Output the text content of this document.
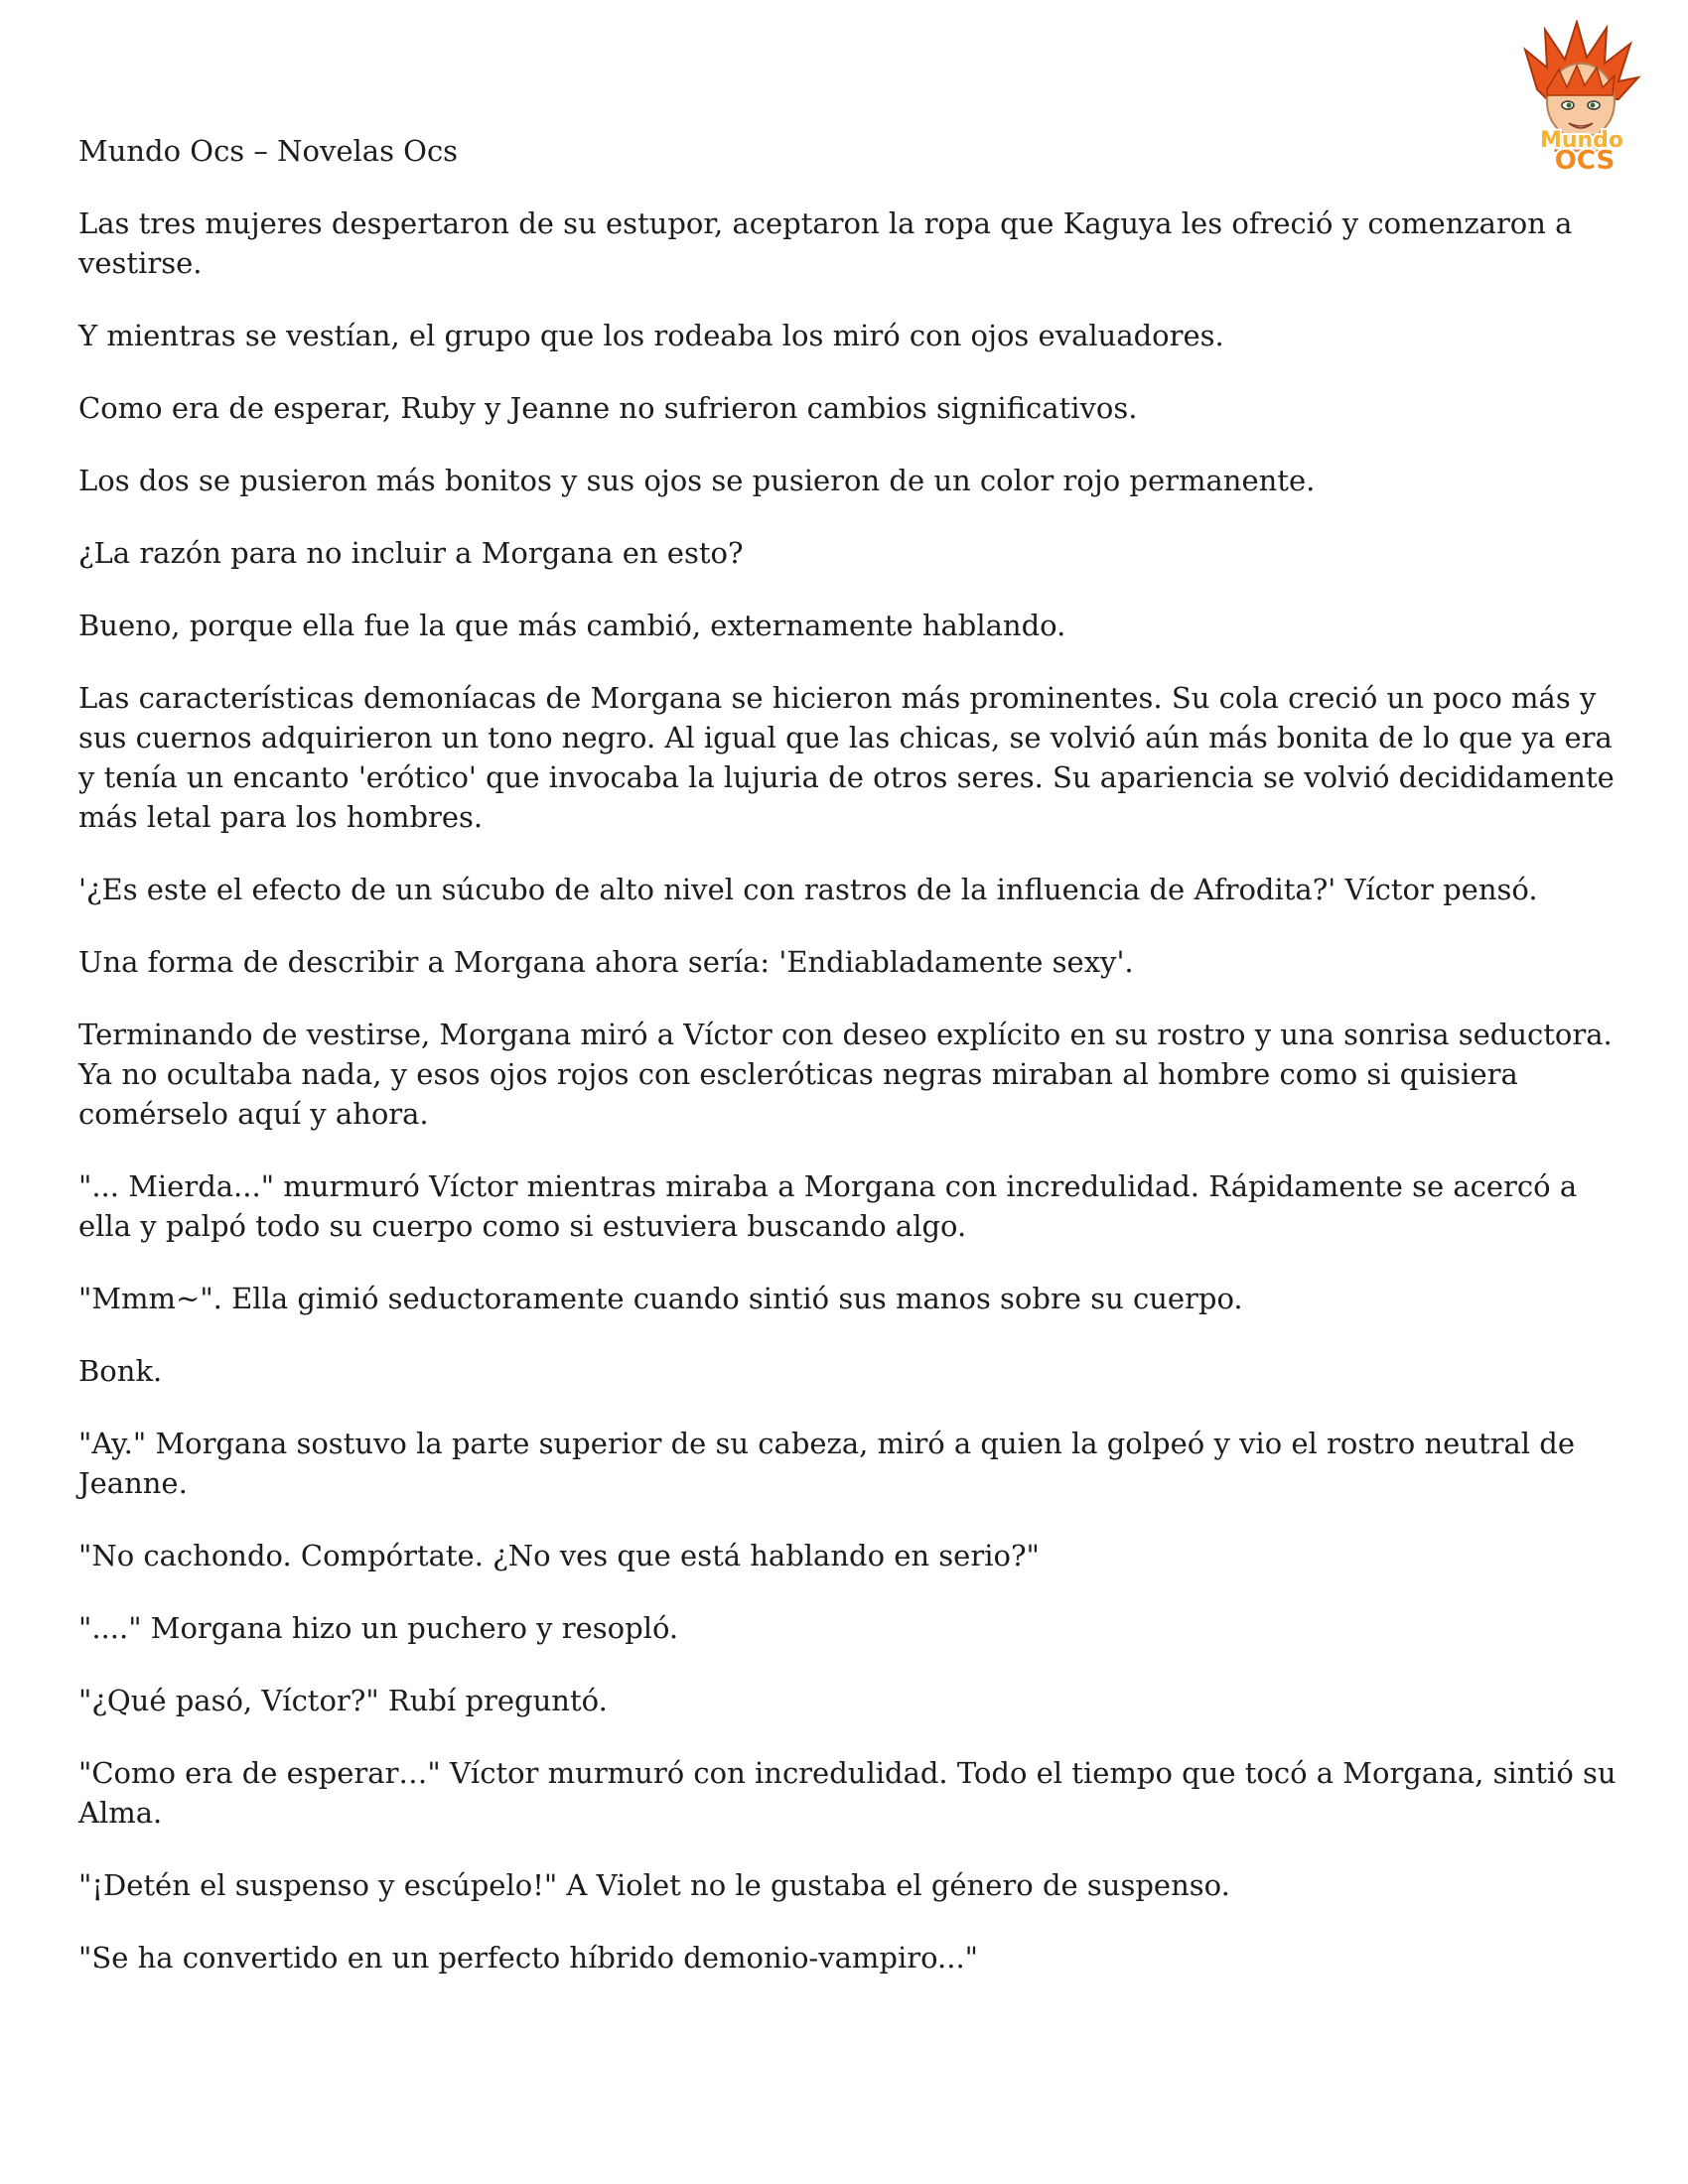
Mundo
OCS
Mundo Ocs – Novelas Ocs

Las tres mujeres despertaron de su estupor, aceptaron la ropa que Kaguya les ofreció y comenzaron a vestirse.

Y mientras se vestían, el grupo que los rodeaba los miró con ojos evaluadores.

Como era de esperar, Ruby y Jeanne no sufrieron cambios significativos.

Los dos se pusieron más bonitos y sus ojos se pusieron de un color rojo permanente.

¿La razón para no incluir a Morgana en esto?

Bueno, porque ella fue la que más cambió, externamente hablando.

Las características demoníacas de Morgana se hicieron más prominentes. Su cola creció un poco más y sus cuernos adquirieron un tono negro. Al igual que las chicas, se volvió aún más bonita de lo que ya era y tenía un encanto 'erótico' que invocaba la lujuria de otros seres. Su apariencia se volvió decididamente más letal para los hombres.

'¿Es este el efecto de un súcubo de alto nivel con rastros de la influencia de Afrodita?' Víctor pensó.

Una forma de describir a Morgana ahora sería: 'Endiabladamente sexy'.

Terminando de vestirse, Morgana miró a Víctor con deseo explícito en su rostro y una sonrisa seductora. Ya no ocultaba nada, y esos ojos rojos con escleróticas negras miraban al hombre como si quisiera comérselo aquí y ahora.

"... Mierda..." murmuró Víctor mientras miraba a Morgana con incredulidad. Rápidamente se acercó a ella y palpó todo su cuerpo como si estuviera buscando algo.

"Mmm~". Ella gimió seductoramente cuando sintió sus manos sobre su cuerpo.

Bonk.

"Ay." Morgana sostuvo la parte superior de su cabeza, miró a quien la golpeó y vio el rostro neutral de Jeanne.

"No cachondo. Compórtate. ¿No ves que está hablando en serio?"

"...." Morgana hizo un puchero y resopló.

"¿Qué pasó, Víctor?" Rubí preguntó.

"Como era de esperar…" Víctor murmuró con incredulidad. Todo el tiempo que tocó a Morgana, sintió su Alma.

"¡Detén el suspenso y escúpelo!" A Violet no le gustaba el género de suspenso.

"Se ha convertido en un perfecto híbrido demonio-vampiro..."
